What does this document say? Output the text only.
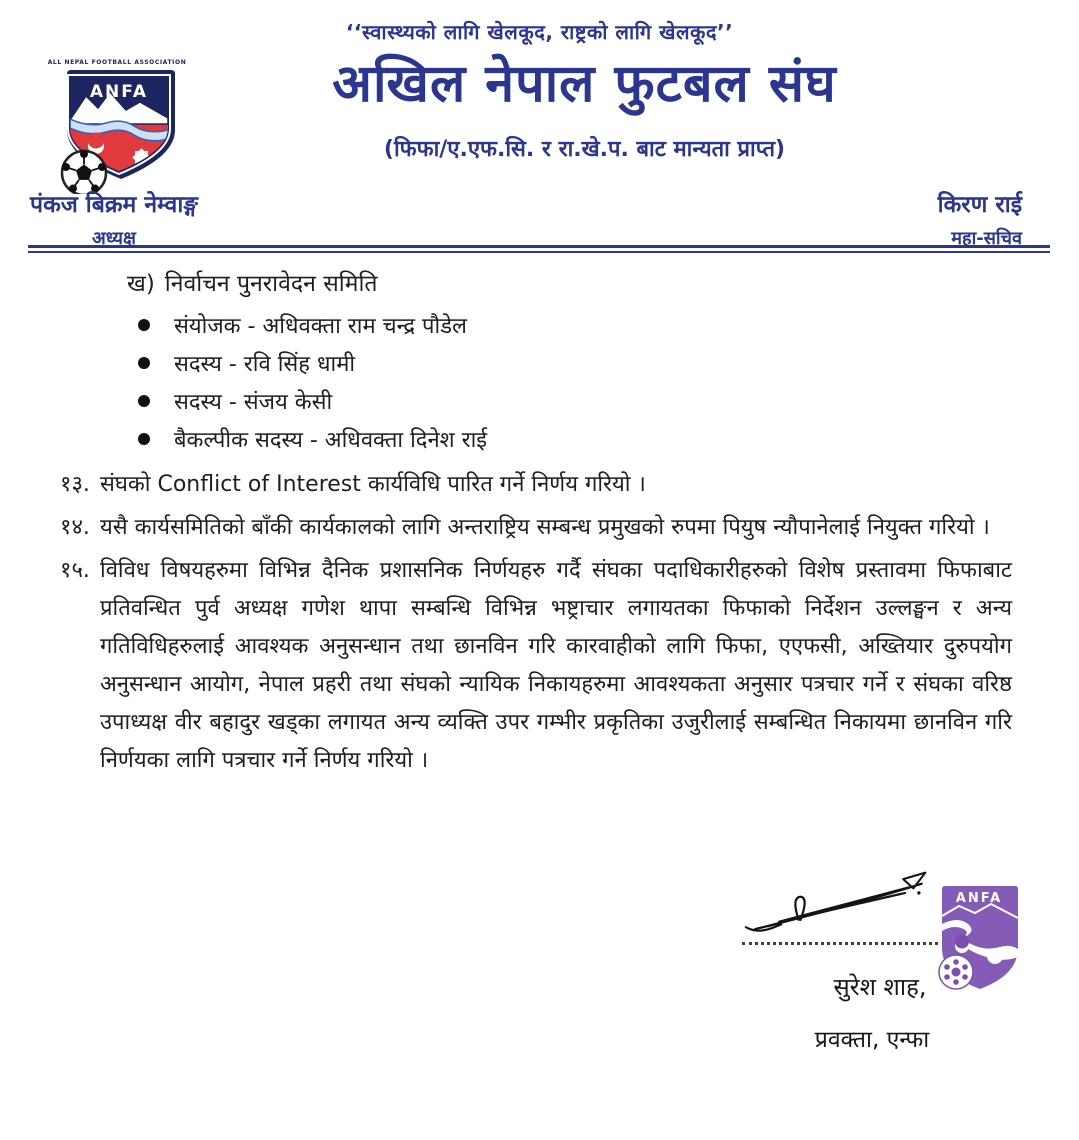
‘‘स्वास्थ्यको लागि खेलकूद, राष्ट्रको लागि खेलकूद’’
ALL NEPAL FOOTBALL ASSOCIATION
ANFA	अखिल नेपाल फुटबल संघ
(फिफा/ए.एफ.सि. र रा.खे.प. बाट मान्यता प्राप्त)
पंकज बिक्रम नेम्वाङ्ग
अध्यक्ष
किरण राई
महा-सचिव
ख) निर्वाचन पुनरावेदन समिति
संयोजक - अधिवक्ता राम चन्द्र पौडेल
सदस्य - रवि सिंह धामी
सदस्य - संजय केसी
बैकल्पीक सदस्य - अधिवक्ता दिनेश राई
१३. संघको Conflict of Interest कार्यविधि पारित गर्ने निर्णय गरियो ।
१४. यसै कार्यसमितिको बाँकी कार्यकालको लागि अन्तराष्ट्रिय सम्बन्ध प्रमुखको रुपमा पियुष न्यौपानेलाई नियुक्त गरियो ।
१५. विविध विषयहरुमा विभिन्न दैनिक प्रशासनिक निर्णयहरु गर्दै संघका पदाधिकारीहरुको विशेष प्रस्तावमा फिफाबाट प्रतिवन्धित पुर्व अध्यक्ष गणेश थापा सम्बन्धि विभिन्न भष्ट्राचार लगायतका फिफाको निर्देशन उल्लङ्घन र अन्य गतिविधिहरुलाई आवश्यक अनुसन्धान तथा छानविन गरि कारवाहीको लागि फिफा, एएफसी, अख्तियार दुरुपयोग अनुसन्धान आयोग, नेपाल प्रहरी तथा संघको न्यायिक निकायहरुमा आवश्यकता अनुसार पत्रचार गर्ने र संघका वरिष्ठ उपाध्यक्ष वीर बहादुर खड्का लगायत अन्य व्यक्ति उपर गम्भीर प्रकृतिका उजुरीलाई सम्बन्धित निकायमा छानविन गरि निर्णयका लागि पत्रचार गर्ने निर्णय गरियो ।
ANFA
सुरेश शाह,
प्रवक्ता, एन्फा
